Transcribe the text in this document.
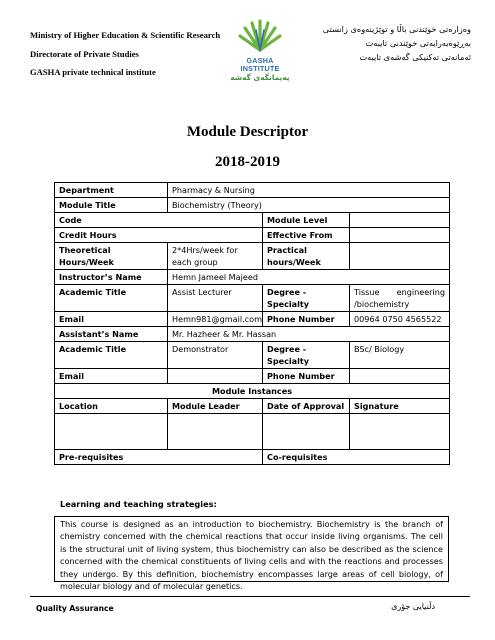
Ministry of Higher Education & Scientific Research
Directorate of Private Studies
GASHA private technical institute
GASHA INSTITUTE
پەیمانگەی گەشە
وەزارەتی خوێندنی باڵا و توێژینەوەی زانستی
بەڕێوەبەرایەتی خوێندنی تایبەت
ئەمانەتی تەکنیکی گەشەی تایبەت
Module Descriptor
2018-2019
Department	Pharmacy & Nursing		
Module Title	Biochemistry (Theory)		
Code		Module Level	
Credit Hours		Effective From	
Theoretical Hours/Week	2*4Hrs/week for each group	Practical hours/Week	
Instructor’s Name	Hemn Jameel Majeed		
Academic Title	Assist Lecturer	Degree - Specialty	Tissue engineering /biochemistry

Email	Hemn981@gmail.com	Phone Number	00964 0750 4565522
Assistant’s Name	Mr. Hazheer & Mr. Hassan		
Academic Title	Demonstrator	Degree - Specialty	BSc/ Biology
Email		Phone Number	
Module Instances			
Location	Module Leader	Date of Approval	Signature

Pre-requisites		Co-requisites	
Learning and teaching strategies:
This course is designed as an introduction to biochemistry. Biochemistry is the branch of chemistry concerned with the chemical reactions that occur inside living organisms. The cell is the structural unit of living system, thus biochemistry can also be described as the science concerned with the chemical constituents of living cells and with the reactions and processes they undergo. By this definition, biochemistry encompasses large areas of cell biology, of molecular biology and of molecular genetics.
Quality Assurance	دڵنیایی جۆری
